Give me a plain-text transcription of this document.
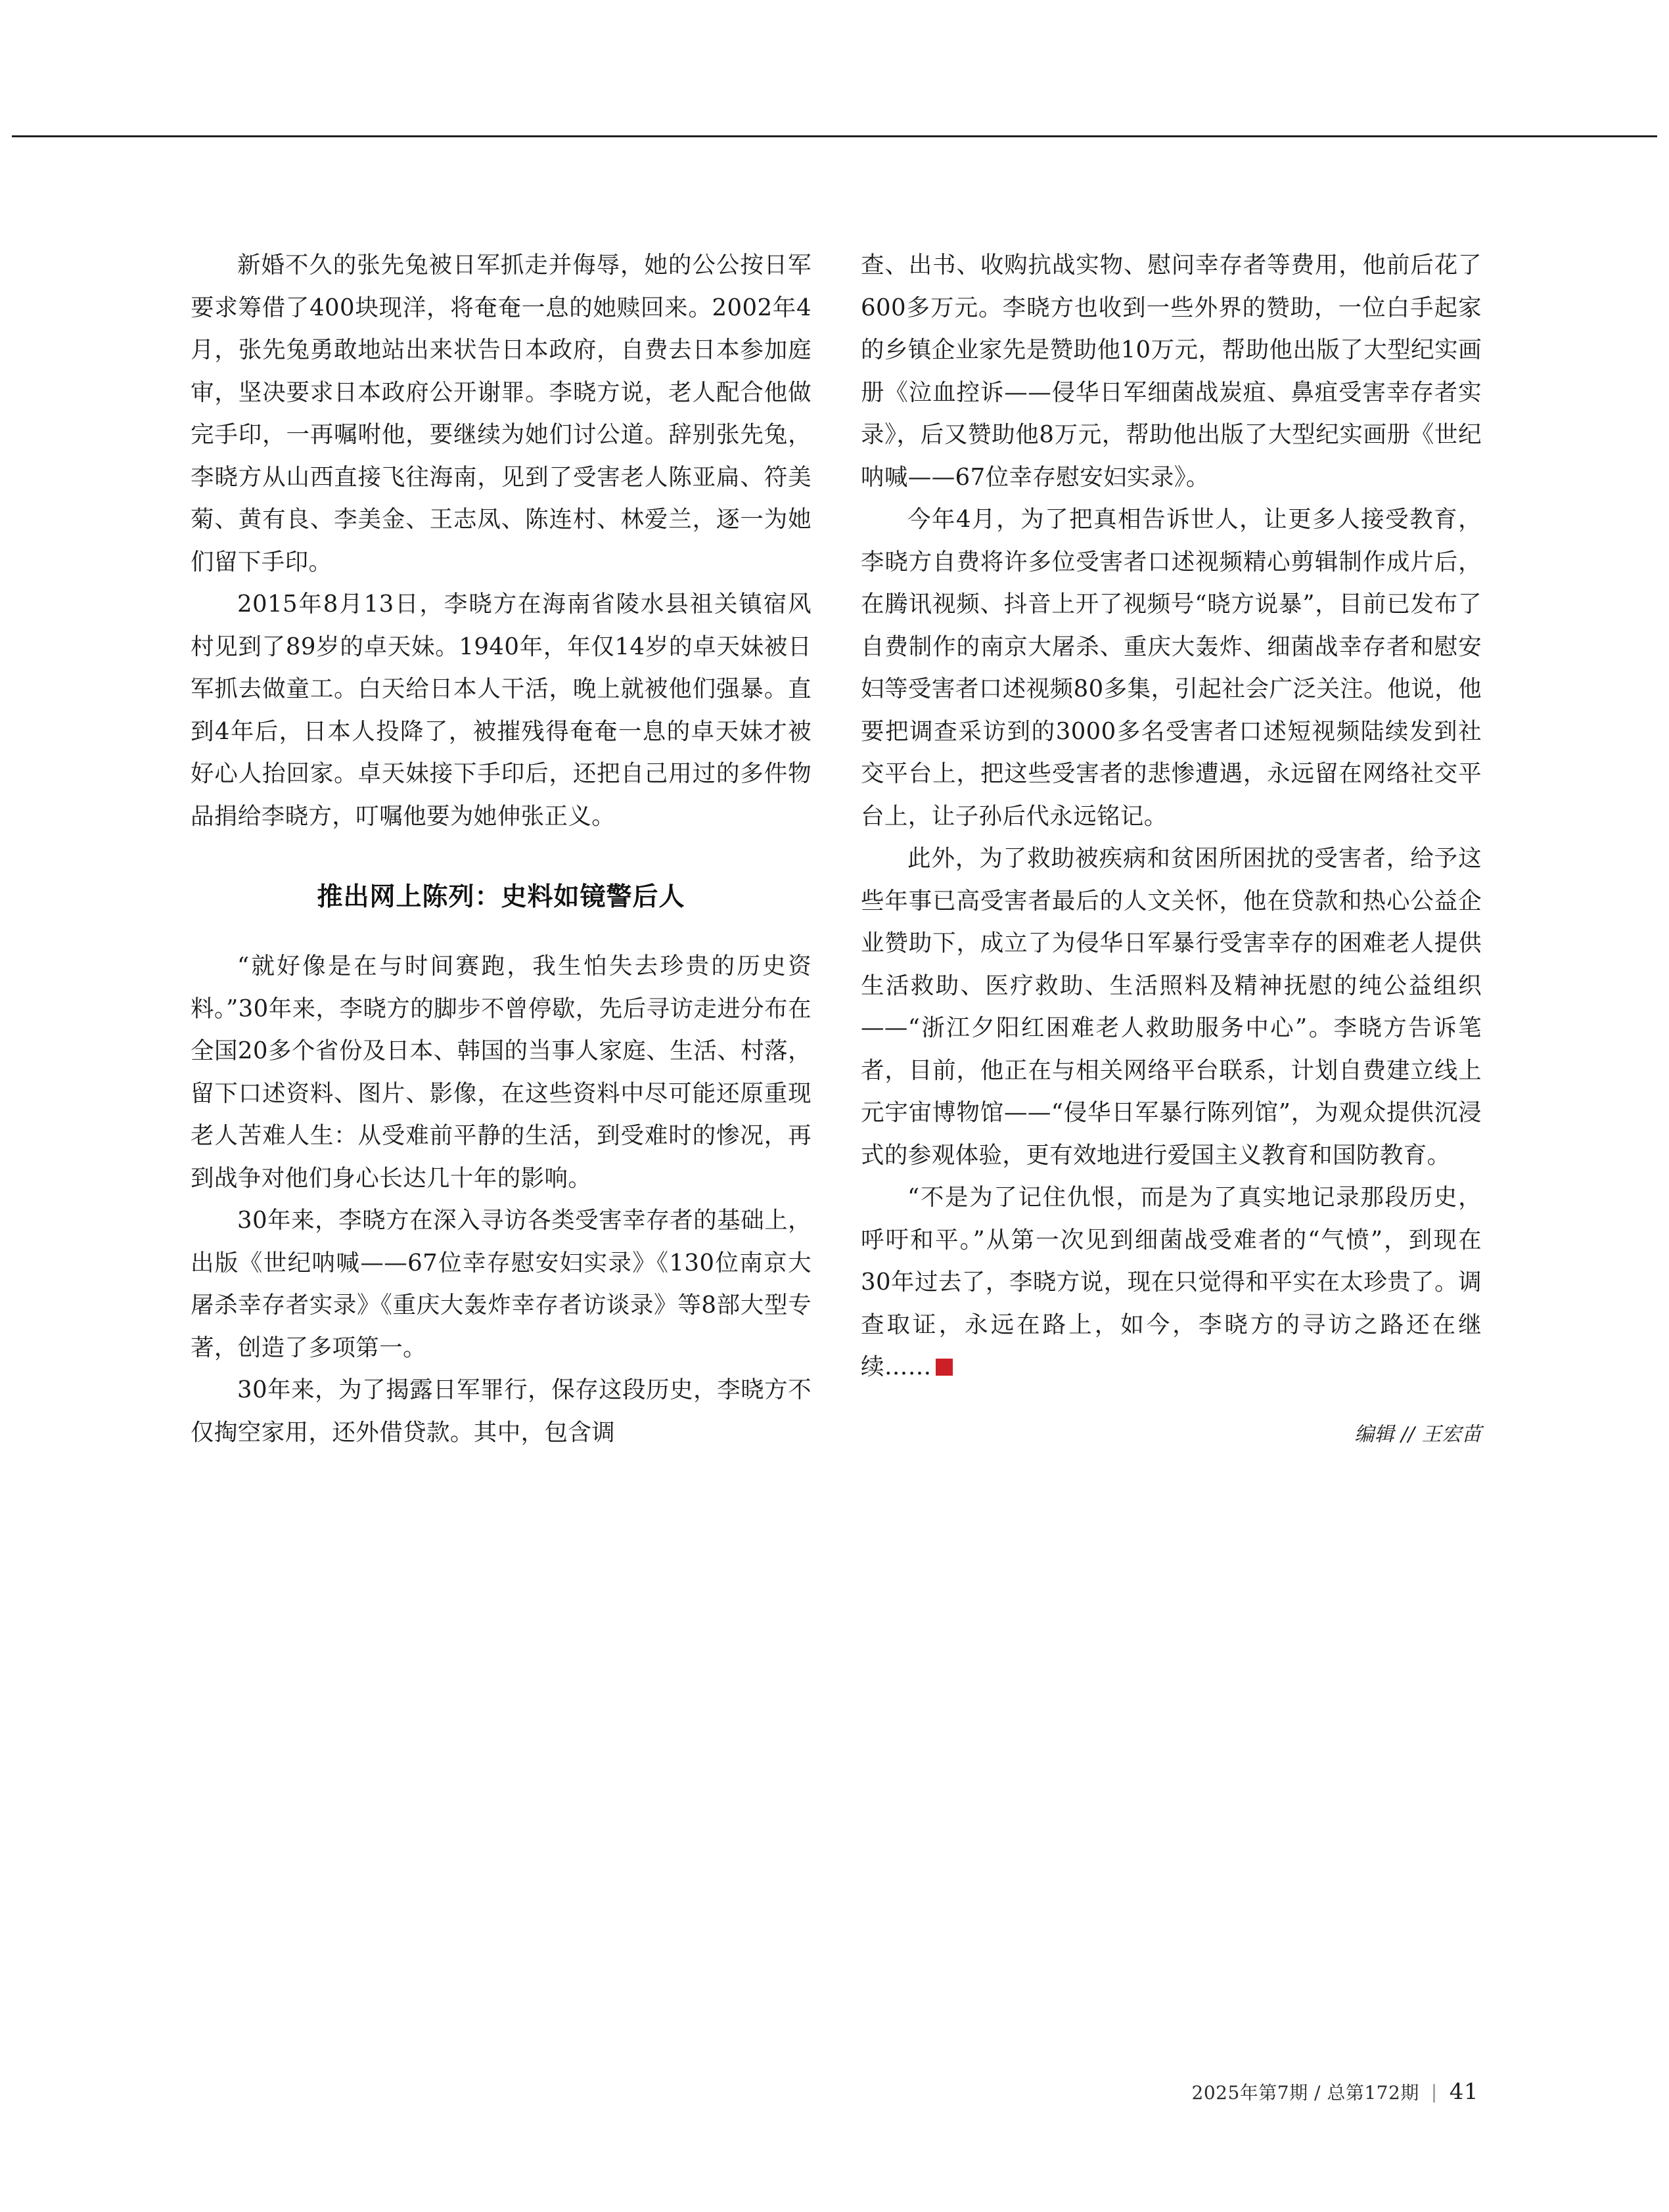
新婚不久的张先兔被日军抓走并侮辱，她的公公按日军要求筹借了400块现洋，将奄奄一息的她赎回来。2002年4月，张先兔勇敢地站出来状告日本政府，自费去日本参加庭审，坚决要求日本政府公开谢罪。李晓方说，老人配合他做完手印，一再嘱咐他，要继续为她们讨公道。辞别张先兔，李晓方从山西直接飞往海南，见到了受害老人陈亚扁、符美菊、黄有良、李美金、王志凤、陈连村、林爱兰，逐一为她们留下手印。

2015年8月13日，李晓方在海南省陵水县祖关镇宿风村见到了89岁的卓天妹。1940年，年仅14岁的卓天妹被日军抓去做童工。白天给日本人干活，晚上就被他们强暴。直到4年后，日本人投降了，被摧残得奄奄一息的卓天妹才被好心人抬回家。卓天妹接下手印后，还把自己用过的多件物品捐给李晓方，叮嘱他要为她伸张正义。

推出网上陈列：史料如镜警后人

“就好像是在与时间赛跑，我生怕失去珍贵的历史资料。”30年来，李晓方的脚步不曾停歇，先后寻访走进分布在全国20多个省份及日本、韩国的当事人家庭、生活、村落，留下口述资料、图片、影像，在这些资料中尽可能还原重现老人苦难人生：从受难前平静的生活，到受难时的惨况，再到战争对他们身心长达几十年的影响。

30年来，李晓方在深入寻访各类受害幸存者的基础上，出版《世纪呐喊——67位幸存慰安妇实录》《130位南京大屠杀幸存者实录》《重庆大轰炸幸存者访谈录》等8部大型专著，创造了多项第一。

30年来，为了揭露日军罪行，保存这段历史，李晓方不仅掏空家用，还外借贷款。其中，包含调

查、出书、收购抗战实物、慰问幸存者等费用，他前后花了600多万元。李晓方也收到一些外界的赞助，一位白手起家的乡镇企业家先是赞助他10万元，帮助他出版了大型纪实画册《泣血控诉——侵华日军细菌战炭疽、鼻疽受害幸存者实录》，后又赞助他8万元，帮助他出版了大型纪实画册《世纪呐喊——67位幸存慰安妇实录》。

今年4月，为了把真相告诉世人，让更多人接受教育，李晓方自费将许多位受害者口述视频精心剪辑制作成片后，在腾讯视频、抖音上开了视频号“晓方说暴”，目前已发布了自费制作的南京大屠杀、重庆大轰炸、细菌战幸存者和慰安妇等受害者口述视频80多集，引起社会广泛关注。他说，他要把调查采访到的3000多名受害者口述短视频陆续发到社交平台上，把这些受害者的悲惨遭遇，永远留在网络社交平台上，让子孙后代永远铭记。

此外，为了救助被疾病和贫困所困扰的受害者，给予这些年事已高受害者最后的人文关怀，他在贷款和热心公益企业赞助下，成立了为侵华日军暴行受害幸存的困难老人提供生活救助、医疗救助、生活照料及精神抚慰的纯公益组织——“浙江夕阳红困难老人救助服务中心”。李晓方告诉笔者，目前，他正在与相关网络平台联系，计划自费建立线上元宇宙博物馆——“侵华日军暴行陈列馆”，为观众提供沉浸式的参观体验，更有效地进行爱国主义教育和国防教育。

“不是为了记住仇恨，而是为了真实地记录那段历史，呼吁和平。”从第一次见到细菌战受难者的“气愤”，到现在30年过去了，李晓方说，现在只觉得和平实在太珍贵了。调查取证，永远在路上，如今，李晓方的寻访之路还在继续……	G

编辑 // 王宏苗
2025年第7期 / 总第172期 | 41
